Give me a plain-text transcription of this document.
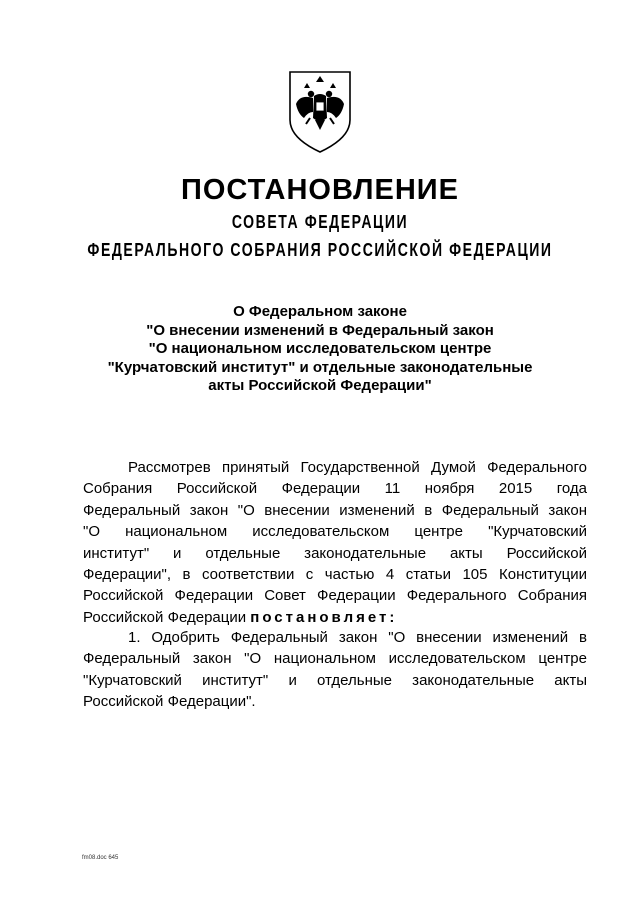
ПОСТАНОВЛЕНИЕ
СОВЕТА ФЕДЕРАЦИИ
ФЕДЕРАЛЬНОГО СОБРАНИЯ РОССИЙСКОЙ ФЕДЕРАЦИИ
О Федеральном законе
"О внесении изменений в Федеральный закон
"О национальном исследовательском центре
"Курчатовский институт" и отдельные законодательные
акты Российской Федерации"
Рассмотрев принятый Государственной Думой Федерального
Собрания Российской Федерации 11 ноября 2015 года
Федеральный закон "О внесении изменений в Федеральный закон
"О национальном исследовательском центре "Курчатовский
институт" и отдельные законодательные акты Российской
Федерации", в соответствии с частью 4 статьи 105 Конституции
Российской Федерации Совет Федерации Федерального Собрания
Российской Федерации постановляет:
1. Одобрить Федеральный закон "О внесении изменений в
Федеральный закон "О национальном исследовательском центре
"Курчатовский институт" и отдельные законодательные акты
Российской Федерации".
fm08.doc 645
